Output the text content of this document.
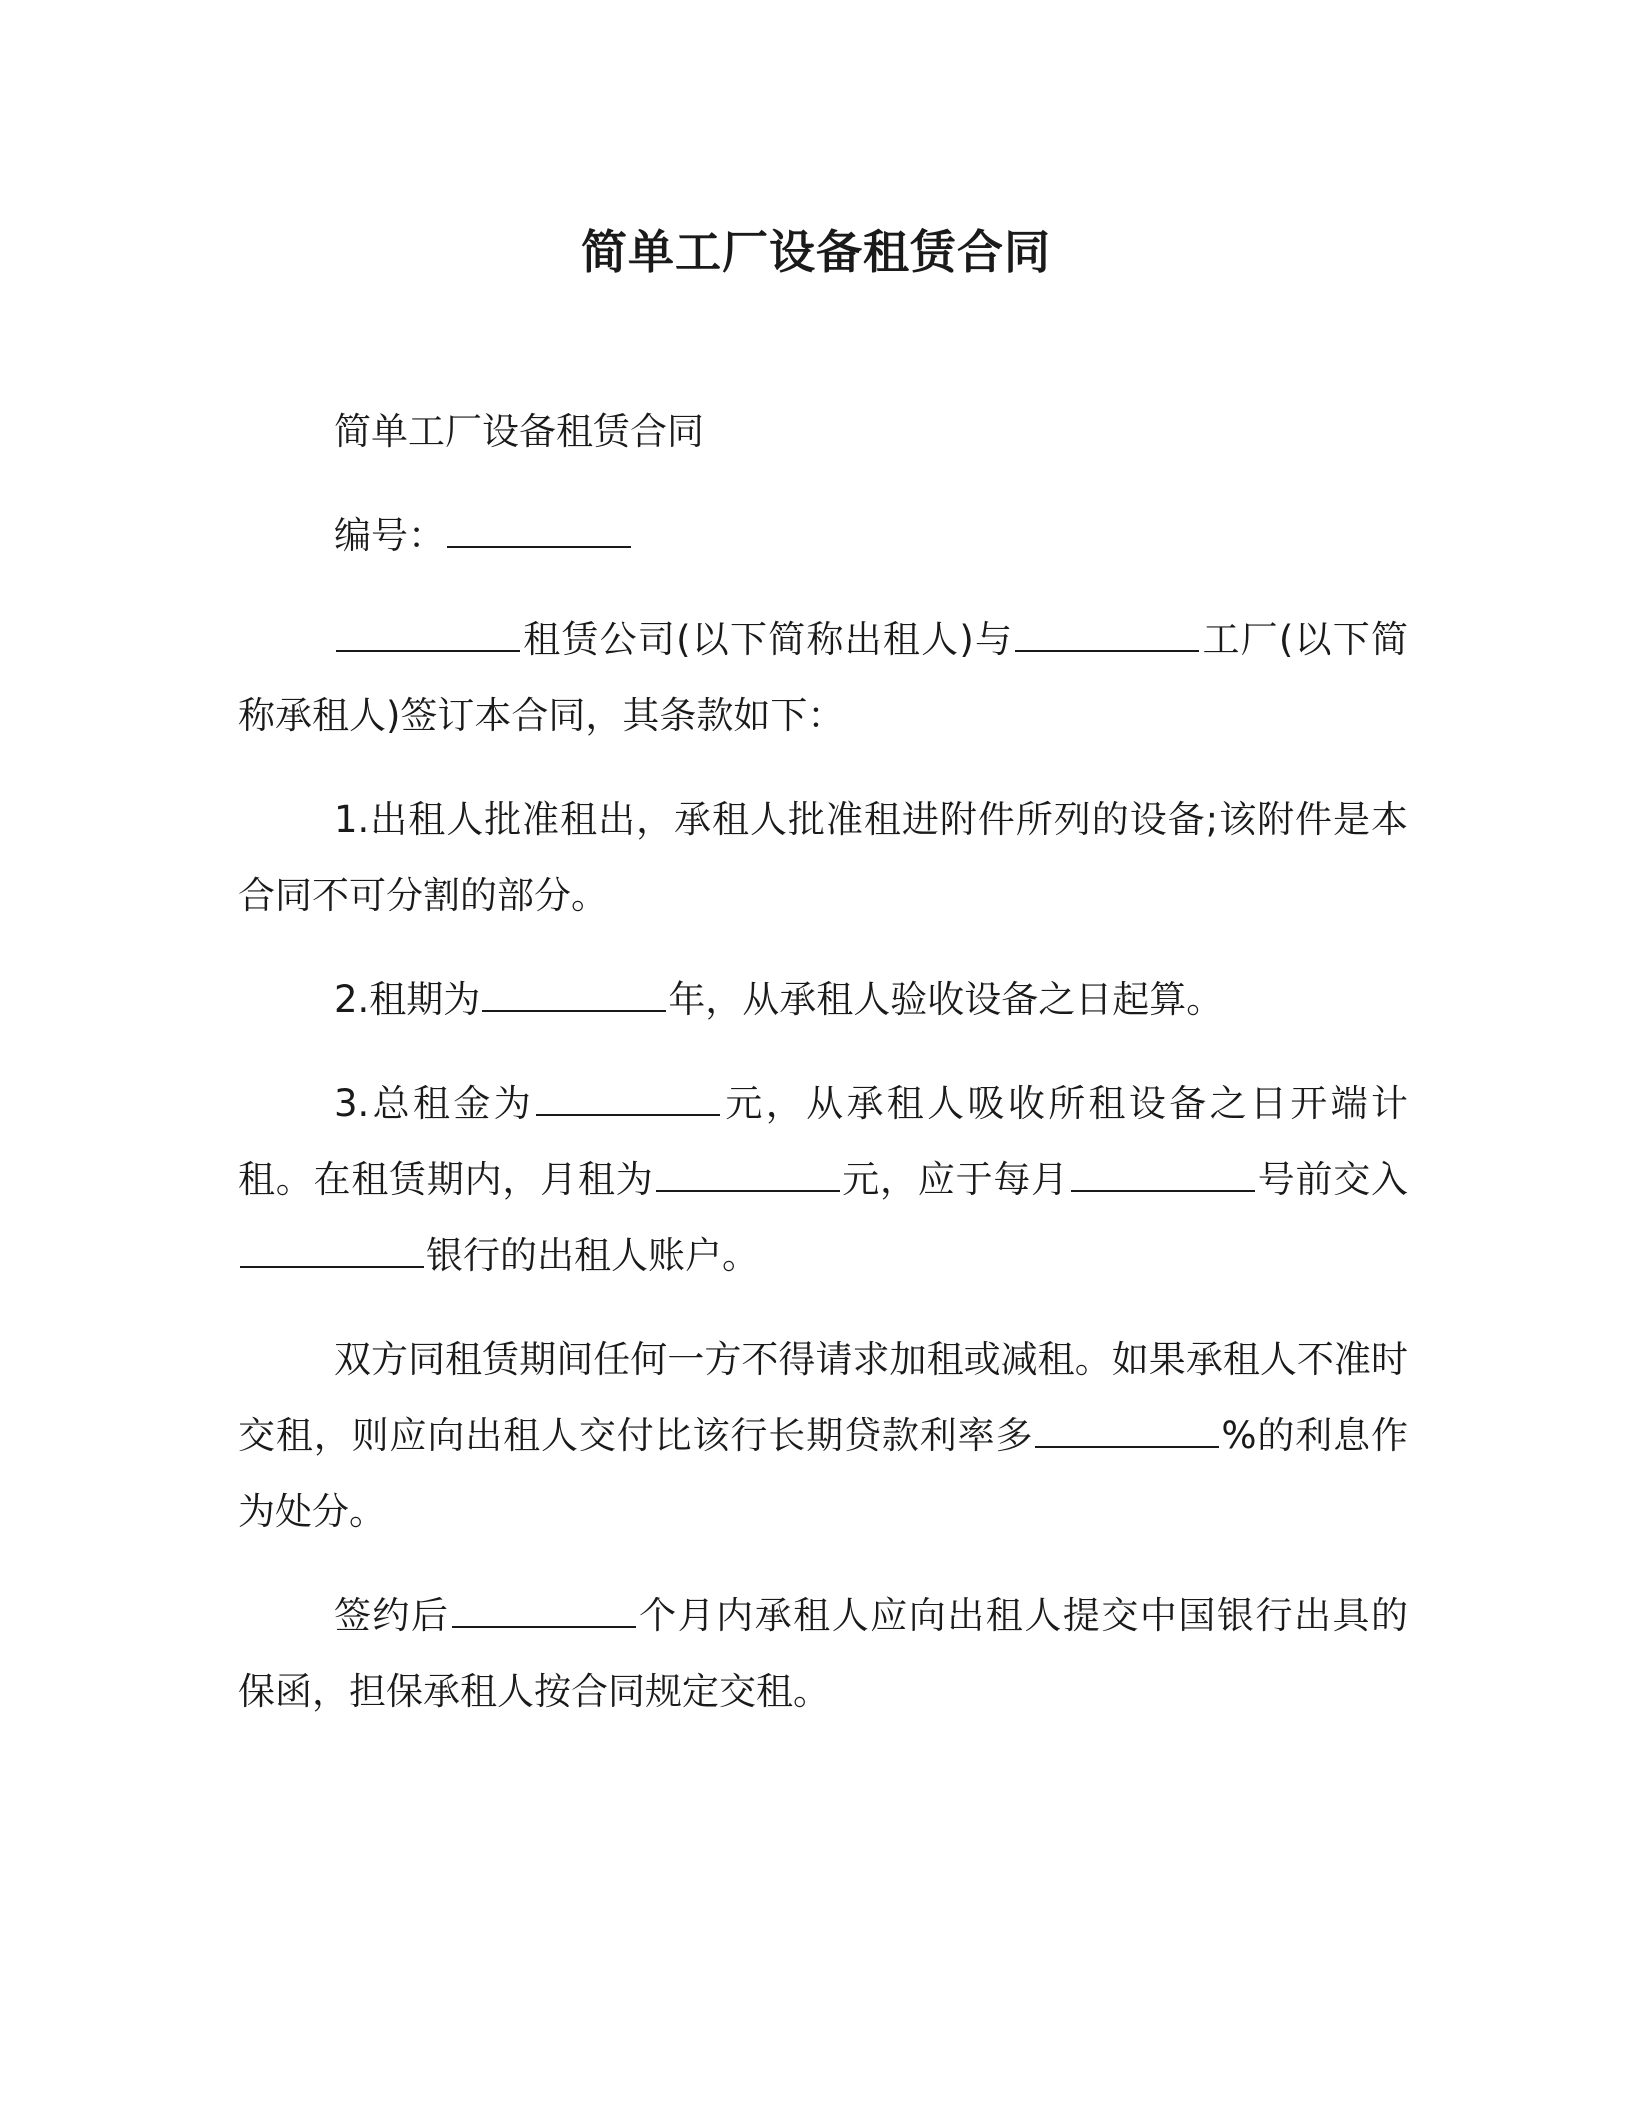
简单工厂设备租赁合同

简单工厂设备租赁合同

编号：

租赁公司(以下简称出租人)与	工厂(以下简称承租人)签订本合同，其条款如下：

1.出租人批准租出，承租人批准租进附件所列的设备;该附件是本合同不可分割的部分。

2.租期为	年，从承租人验收设备之日起算。

3.总租金为	元，从承租人吸收所租设备之日开端计租。在租赁期内，月租为	元，应于每月	号前交入银行的出租人账户。

双方同租赁期间任何一方不得请求加租或减租。如果承租人不准时交租，则应向出租人交付比该行长期贷款利率多	%的利息作为处分。

签约后	个月内承租人应向出租人提交中国银行出具的保函，担保承租人按合同规定交租。
